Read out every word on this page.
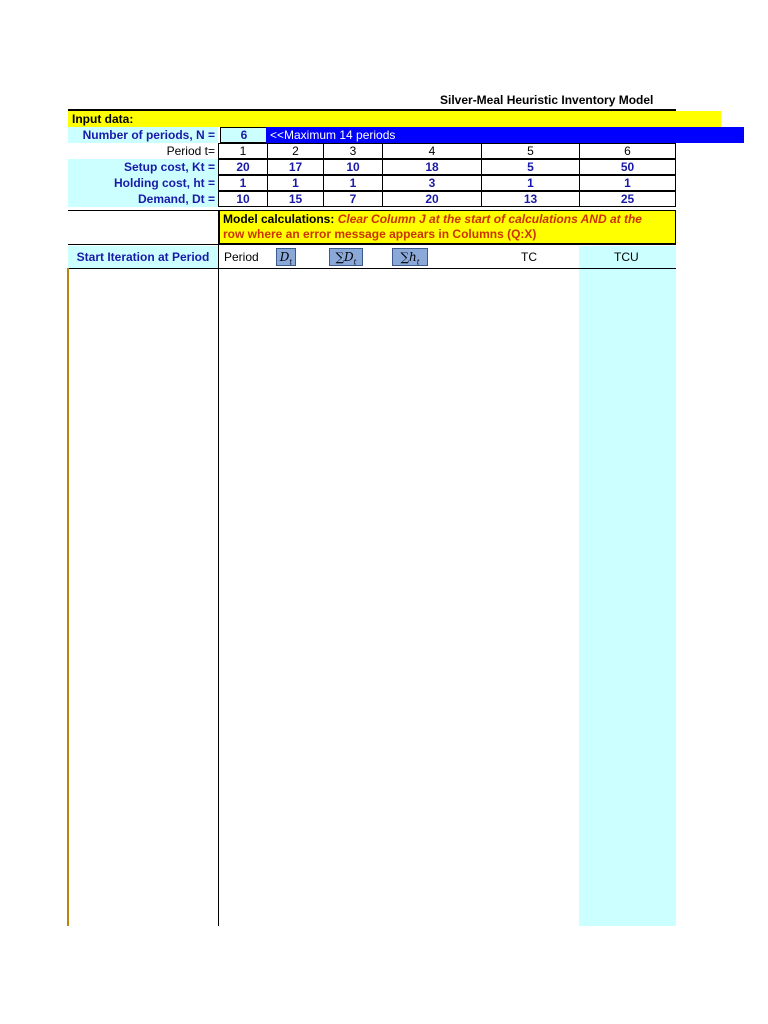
Silver-Meal Heuristic Inventory Model
Input data:
Number of periods, N =	6	<<Maximum 14 periods
Period t=	1	2	3	4	5	6
Setup cost, Kt =	20	17	10	18	5	50
Holding cost, ht =	1	1	1	3	1	1
Demand, Dt =	10	15	7	20	13	25
Model calculations: Clear Column J at the start of calculations AND at the
row where an error message appears in Columns (Q:X)
Start Iteration at Period	Period	$D_t$	$\sum D_t$	$\sum h_t$	TC	TCU
